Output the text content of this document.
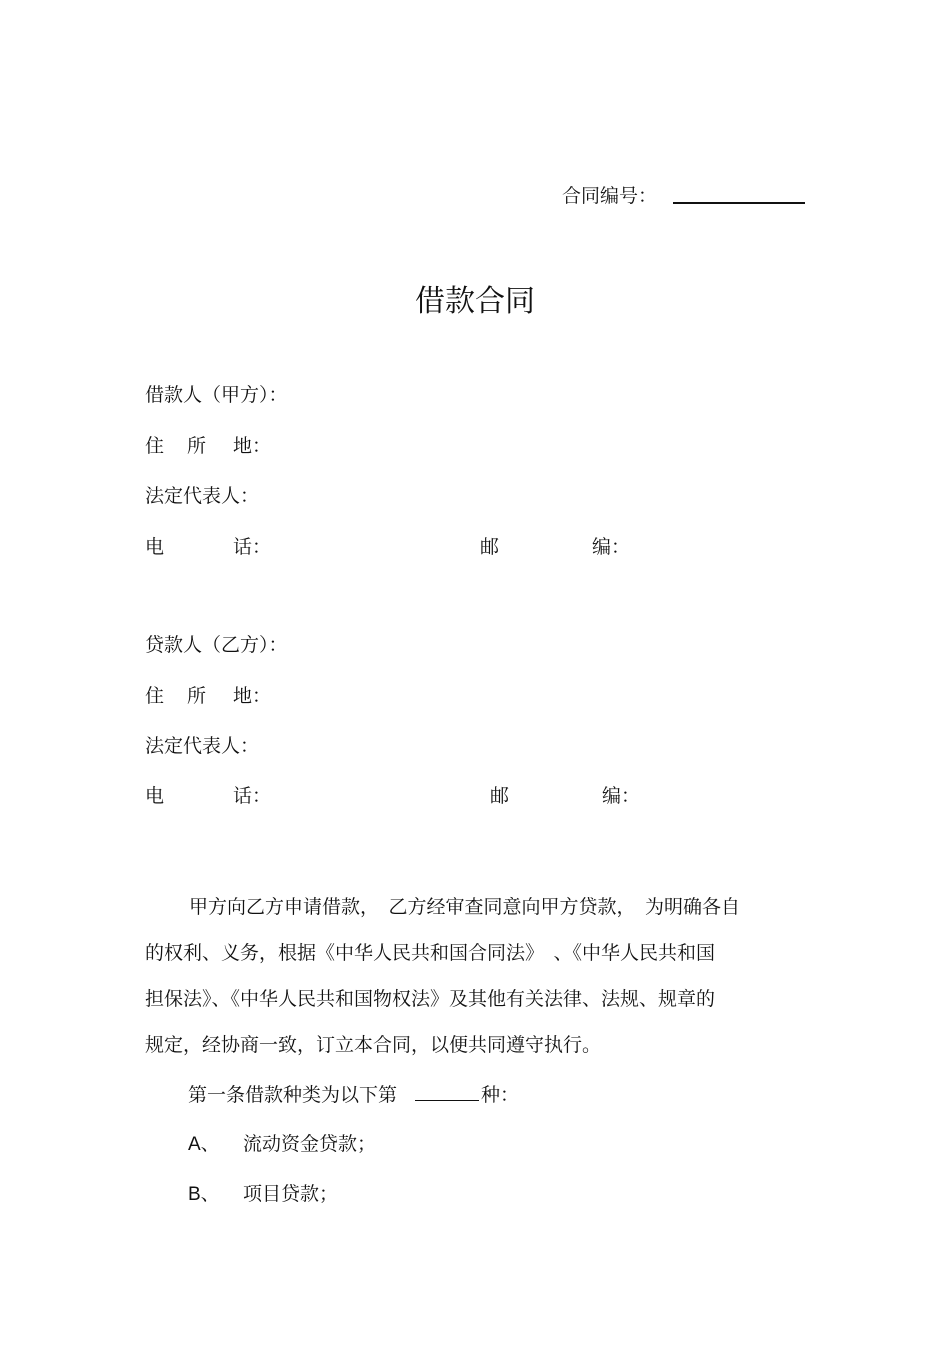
合同编号：
借款合同
借款人（甲方）：
住 所 地：
法定代表人：
电	话：	邮	编：
贷款人（乙方）：
住 所 地：
法定代表人：
电	话：	邮	编：
甲方向乙方申请借款，　乙方经审查同意向甲方贷款，　为明确各自
的权利、义务，根据《中华人民共和国合同法》　、《中华人民共和国
担保法》、《中华人民共和国物权法》及其他有关法律、法规、规章的
规定，经协商一致，订立本合同，以便共同遵守执行。
第一条借款种类为以下第	种：
A、 流动资金贷款；
B、 项目贷款；
